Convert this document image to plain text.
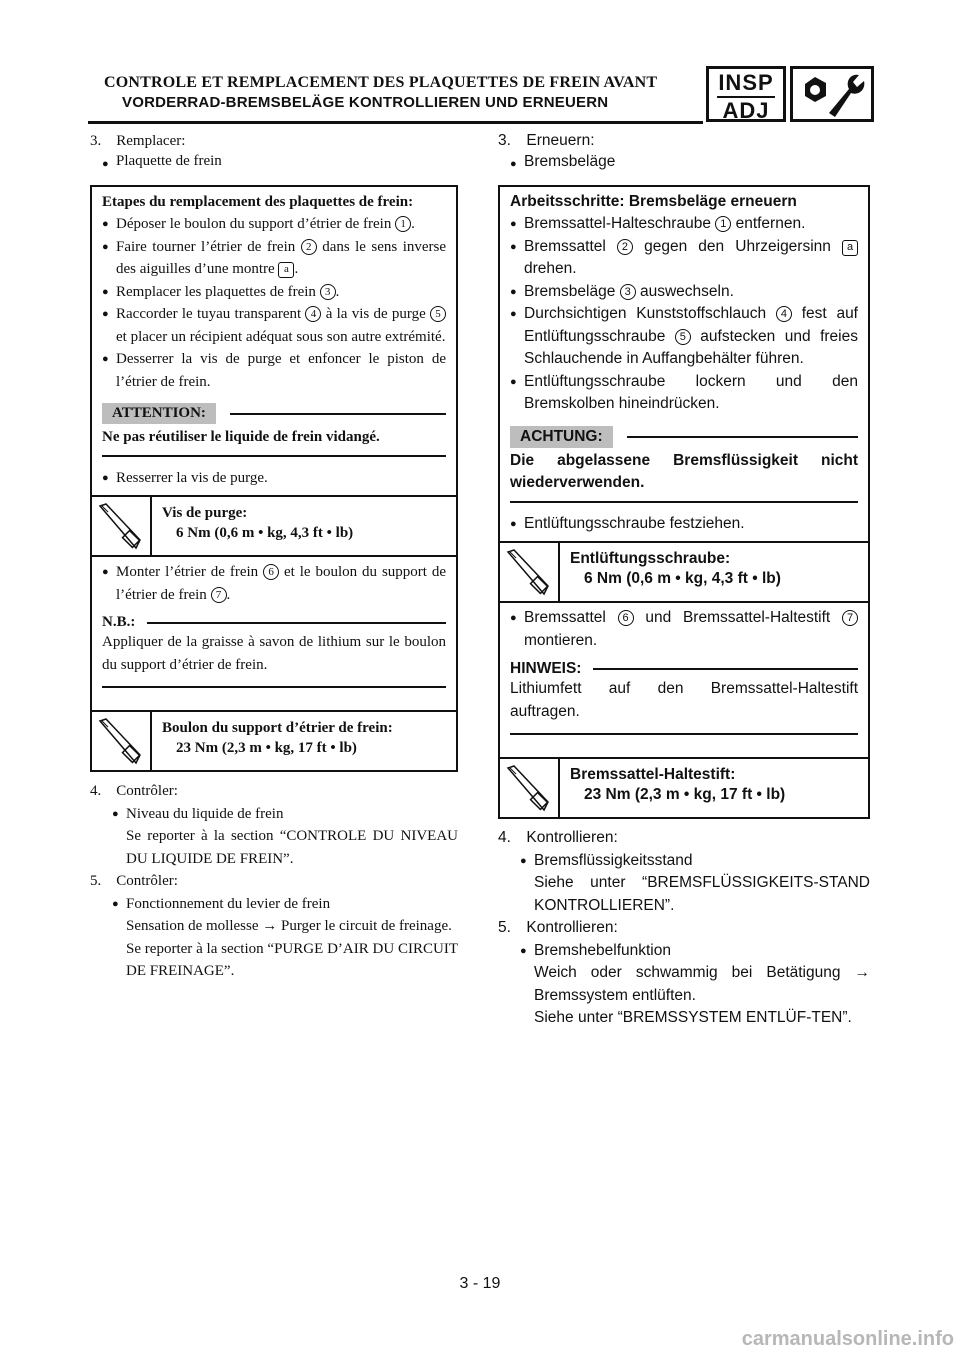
CONTROLE ET REMPLACEMENT DES PLAQUETTES DE FREIN AVANT
VORDERRAD-BREMSBELÄGE KONTROLLIEREN UND ERNEUERN
INSP
ADJ
3. Remplacer:
● Plaquette de frein
Etapes du remplacement des plaquettes de frein:
● Déposer le boulon du support d’étrier de frein 1 .
● Faire tourner l’étrier de frein 2 dans le sens inverse des aiguilles d’une montre a .
● Remplacer les plaquettes de frein 3 .
● Raccorder le tuyau transparent 4 à la vis de purge 5 et placer un récipient adéquat sous son autre extrémité.
● Desserrer la vis de purge et enfoncer le piston de l’étrier de frein.
ATTENTION:
Ne pas réutiliser le liquide de frein vidangé.
● Resserrer la vis de purge.
Vis de purge:
6 Nm (0,6 m • kg, 4,3 ft • lb)
● Monter l’étrier de frein 6 et le boulon du support de l’étrier de frein 7 .
N.B.:
Appliquer de la graisse à savon de lithium sur le boulon du support d’étrier de frein.
Boulon du support d’étrier de frein:
23 Nm (2,3 m • kg, 17 ft • lb)
4. Contrôler:
● Niveau du liquide de frein
Se reporter à la section “CONTROLE DU NIVEAU DU LIQUIDE DE FREIN”.
5. Contrôler:
● Fonctionnement du levier de frein
Sensation de mollesse → Purger le circuit de freinage.
Se reporter à la section “PURGE D’AIR DU CIRCUIT DE FREINAGE”.
3. Erneuern:
● Bremsbeläge
Arbeitsschritte: Bremsbeläge erneuern
● Bremssattel-Halteschraube 1 entfernen.
● Bremssattel 2 gegen den Uhrzeigersinn a drehen.
● Bremsbeläge 3 auswechseln.
● Durchsichtigen Kunststoffschlauch 4 fest auf Entlüftungsschraube 5 aufstecken und freies Schlauchende in Auffangbehälter führen.
● Entlüftungsschraube lockern und den Bremskolben hineindrücken.
ACHTUNG:
Die abgelassene Bremsflüssigkeit nicht wiederverwenden.
● Entlüftungsschraube festziehen.
Entlüftungsschraube:
6 Nm (0,6 m • kg, 4,3 ft • lb)
● Bremssattel 6 und Bremssattel-Haltestift 7 montieren.
HINWEIS:
Lithiumfett auf den Bremssattel-Haltestift auftragen.
Bremssattel-Haltestift:
23 Nm (2,3 m • kg, 17 ft • lb)
4. Kontrollieren:
● Bremsflüssigkeitsstand
Siehe unter “BREMSFLÜSSIGKEITS-STAND KONTROLLIEREN”.
5. Kontrollieren:
● Bremshebelfunktion
Weich oder schwammig bei Betätigung → Bremssystem entlüften.
Siehe unter “BREMSSYSTEM ENTLÜF-TEN”.
3 - 19
carmanualsonline.info
